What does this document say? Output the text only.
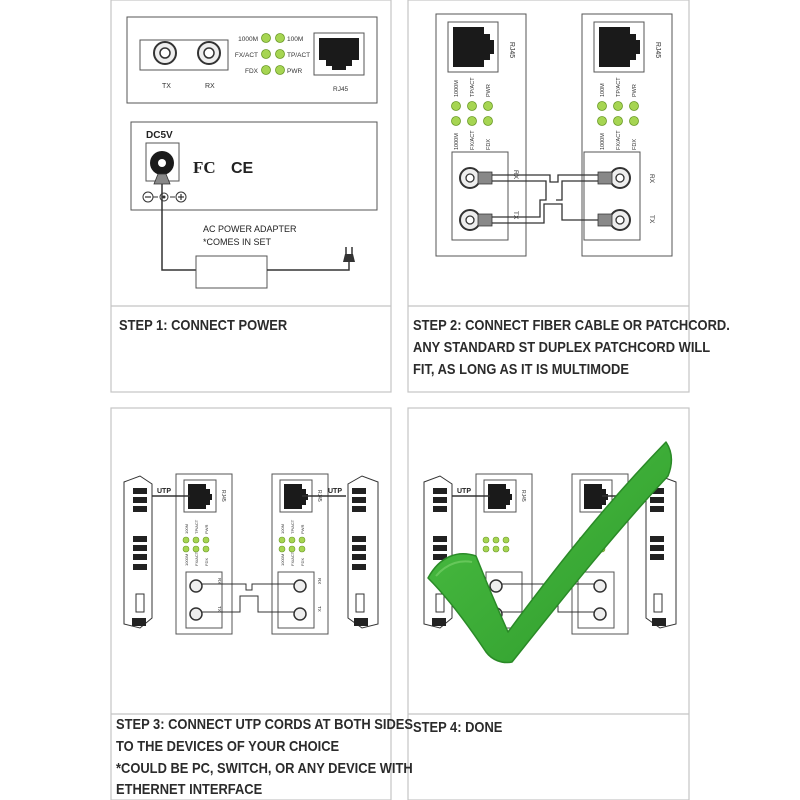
TX	RX
1000M	100M
FX/ACT	TP/ACT
FDX	PWR
RJ45
DC5V
FC CE
AC POWER ADAPTER
*COMES IN SET
RJ45
1000M TP/ACT PWR
1000M FX/ACT FDX
RX
TX
RJ45
100M TP/ACT PWR
1000M FX/ACT FDX
RX
TX
RJ45
100M TP/ACT PWR
1000M FX/ACT FDX
RX
TX
RJ45
100M TP/ACT PWR
1000M FX/ACT FDX
RX
TX
UTP	UTP	RJ45
UTP
STEP 1: CONNECT POWER	STEP 2: CONNECT FIBER CABLE OR PATCHCORD.
ANY STANDARD ST DUPLEX PATCHCORD WILL
FIT, AS LONG AS IT IS MULTIMODE
STEP 3: CONNECT UTP CORDS AT BOTH SIDES
TO THE DEVICES OF YOUR CHOICE
*COULD BE PC, SWITCH, OR ANY DEVICE WITH
ETHERNET INTERFACE
STEP 4: DONE
